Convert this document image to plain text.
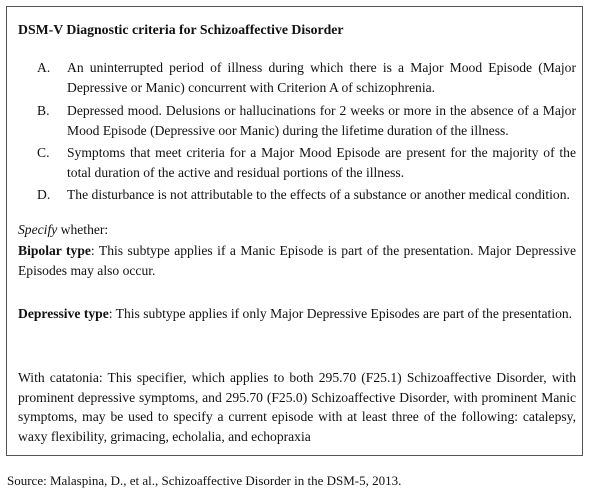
DSM-V Diagnostic criteria for Schizoaffective Disorder
A. An uninterrupted period of illness during which there is a Major Mood Episode (Major Depressive or Manic) concurrent with Criterion A of schizophrenia.
B. Depressed mood. Delusions or hallucinations for 2 weeks or more in the absence of a Major Mood Episode (Depressive oor Manic) during the lifetime duration of the illness.
C. Symptoms that meet criteria for a Major Mood Episode are present for the majority of the total duration of the active and residual portions of the illness.
D. The disturbance is not attributable to the effects of a substance or another medical condition.
Specify whether:
Bipolar type: This subtype applies if a Manic Episode is part of the presentation. Major Depressive Episodes may also occur.
Depressive type: This subtype applies if only Major Depressive Episodes are part of the presentation.
With catatonia: This specifier, which applies to both 295.70 (F25.1) Schizoaffective Disorder, with prominent depressive symptoms, and 295.70 (F25.0) Schizoaffective Disorder, with prominent Manic symptoms, may be used to specify a current episode with at least three of the following: catalepsy, waxy flexibility, grimacing, echolalia, and echopraxia
Source: Malaspina, D., et al., Schizoaffective Disorder in the DSM-5, 2013.
